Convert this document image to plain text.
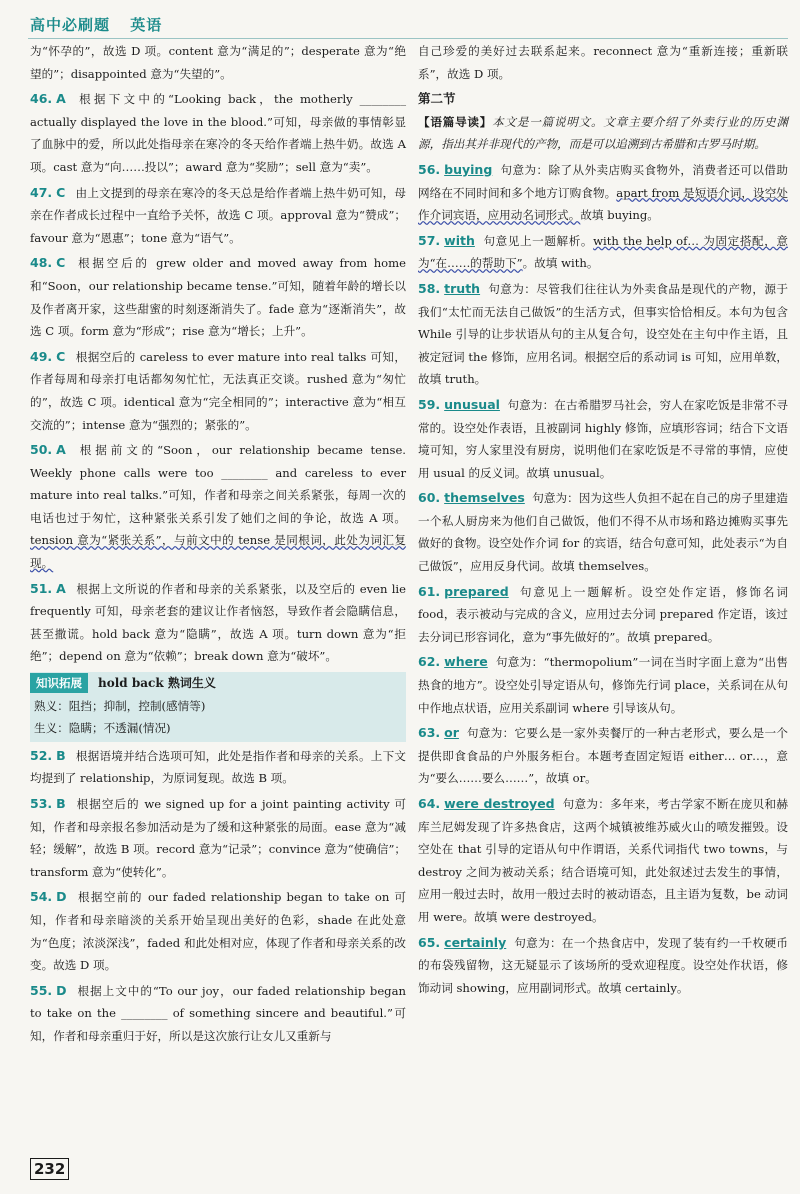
高中必刷题 英语
为“怀孕的”，故选 D 项。content 意为“满足的”；desperate 意为“绝望的”；disappointed 意为“失望的”。
46. A 根据下文中的“Looking back，the motherly ________ actually displayed the love in the blood.”可知，母亲做的事情彰显了血脉中的爱，所以此处指母亲在寒冷的冬天给作者端上热牛奶。故选 A 项。cast 意为“向……投以”；award 意为“奖励”；sell 意为“卖”。
47. C 由上文提到的母亲在寒冷的冬天总是给作者端上热牛奶可知，母亲在作者成长过程中一直给予关怀，故选 C 项。approval 意为“赞成”；favour 意为“恩惠”；tone 意为“语气”。
48. C 根据空后的 grew older and moved away from home 和“Soon，our relationship became tense.”可知，随着年龄的增长以及作者离开家，这些甜蜜的时刻逐渐消失了。fade 意为“逐渐消失”，故选 C 项。form 意为“形成”；rise 意为“增长；上升”。
49. C 根据空后的 careless to ever mature into real talks 可知，作者每周和母亲打电话都匆匆忙忙，无法真正交谈。rushed 意为“匆忙的”，故选 C 项。identical 意为“完全相同的”；interactive 意为“相互交流的”；intense 意为“强烈的；紧张的”。
50. A 根据前文的“Soon，our relationship became tense. Weekly phone calls were too ________ and careless to ever mature into real talks.”可知，作者和母亲之间关系紧张，每周一次的电话也过于匆忙，这种紧张关系引发了她们之间的争论，故选 A 项。tension 意为“紧张关系”，与前文中的 tense 是同根词，此处为词汇复现。
51. A 根据上文所说的作者和母亲的关系紧张，以及空后的 even lie frequently 可知，母亲老套的建议让作者恼怒，导致作者会隐瞒信息，甚至撒谎。hold back 意为“隐瞒”，故选 A 项。turn down 意为“拒绝”；depend on 意为“依赖”；break down 意为“破坏”。
知识拓展	hold back 熟词生义
熟义：阻挡；抑制，控制(感情等)
生义：隐瞒；不透漏(情况)
52. B 根据语境并结合选项可知，此处是指作者和母亲的关系。上下文均提到了 relationship，为原词复现。故选 B 项。
53. B 根据空后的 we signed up for a joint painting activity 可知，作者和母亲报名参加活动是为了缓和这种紧张的局面。ease 意为“减轻；缓解”，故选 B 项。record 意为“记录”；convince 意为“使确信”；transform 意为“使转化”。
54. D 根据空前的 our faded relationship began to take on 可知，作者和母亲暗淡的关系开始呈现出美好的色彩，shade 在此处意为“色度；浓淡深浅”，faded 和此处相对应，体现了作者和母亲关系的改变。故选 D 项。
55. D 根据上文中的“To our joy，our faded relationship began to take on the ________ of something sincere and beautiful.”可知，作者和母亲重归于好，所以是这次旅行让女儿又重新与
自己珍爱的美好过去联系起来。reconnect 意为“重新连接；重新联系”，故选 D 项。
第二节
【语篇导读】本文是一篇说明文。文章主要介绍了外卖行业的历史渊源，指出其并非现代的产物，而是可以追溯到古希腊和古罗马时期。
56. buying 句意为：除了从外卖店购买食物外，消费者还可以借助网络在不同时间和多个地方订购食物。apart from 是短语介词，设空处作介词宾语，应用动名词形式。故填 buying。
57. with 句意见上一题解析。with the help of… 为固定搭配，意为“在……的帮助下”。故填 with。
58. truth 句意为：尽管我们往往认为外卖食品是现代的产物，源于我们“太忙而无法自己做饭”的生活方式，但事实恰恰相反。本句为包含 While 引导的让步状语从句的主从复合句，设空处在主句中作主语，且被定冠词 the 修饰，应用名词。根据空后的系动词 is 可知，应用单数，故填 truth。
59. unusual 句意为：在古希腊罗马社会，穷人在家吃饭是非常不寻常的。设空处作表语，且被副词 highly 修饰，应填形容词；结合下文语境可知，穷人家里没有厨房，说明他们在家吃饭是不寻常的事情，应使用 usual 的反义词。故填 unusual。
60. themselves 句意为：因为这些人负担不起在自己的房子里建造一个私人厨房来为他们自己做饭，他们不得不从市场和路边摊购买事先做好的食物。设空处作介词 for 的宾语，结合句意可知，此处表示“为自己做饭”，应用反身代词。故填 themselves。
61. prepared 句意见上一题解析。设空处作定语，修饰名词 food，表示被动与完成的含义，应用过去分词 prepared 作定语，该过去分词已形容词化，意为“事先做好的”。故填 prepared。
62. where 句意为：“thermopolium”一词在当时字面上意为“出售热食的地方”。设空处引导定语从句，修饰先行词 place，关系词在从句中作地点状语，应用关系副词 where 引导该从句。
63. or 句意为：它要么是一家外卖餐厅的一种古老形式，要么是一个提供即食食品的户外服务柜台。本题考查固定短语 either… or…，意为“要么……要么……”，故填 or。
64. were destroyed 句意为：多年来，考古学家不断在庞贝和赫库兰尼姆发现了许多热食店，这两个城镇被维苏威火山的喷发摧毁。设空处在 that 引导的定语从句中作谓语，关系代词指代 two towns，与 destroy 之间为被动关系；结合语境可知，此处叙述过去发生的事情，应用一般过去时，故用一般过去时的被动语态，且主语为复数，be 动词用 were。故填 were destroyed。
65. certainly 句意为：在一个热食店中，发现了装有约一千枚硬币的布袋残留物，这无疑显示了该场所的受欢迎程度。设空处作状语，修饰动词 showing，应用副词形式。故填 certainly。
232
